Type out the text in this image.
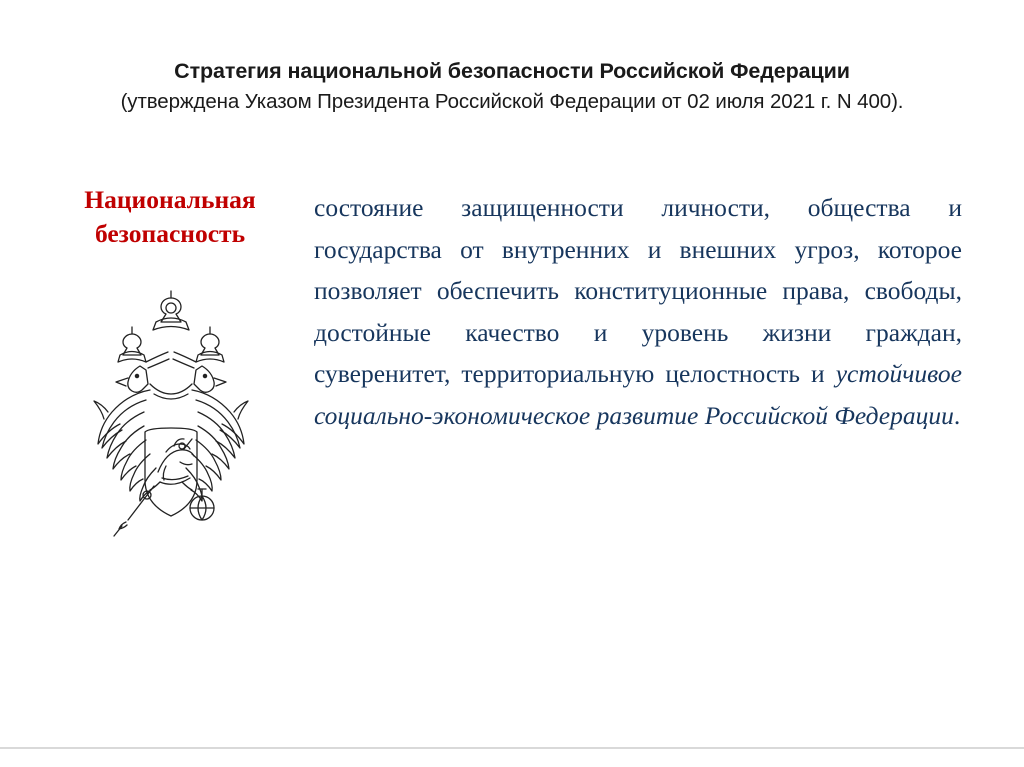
Стратегия национальной безопасности Российской Федерации
(утверждена Указом Президента Российской Федерации от 02 июля 2021 г. N 400).
Национальная
безопасность

состояние защищенности личности, общества и государства от внутренних и внешних угроз, которое позволяет обеспечить конституционные права, свободы, достойные качество и уровень жизни граждан, суверенитет, территориальную целостность и устойчивое социально-экономическое развитие Российской Федерации.
